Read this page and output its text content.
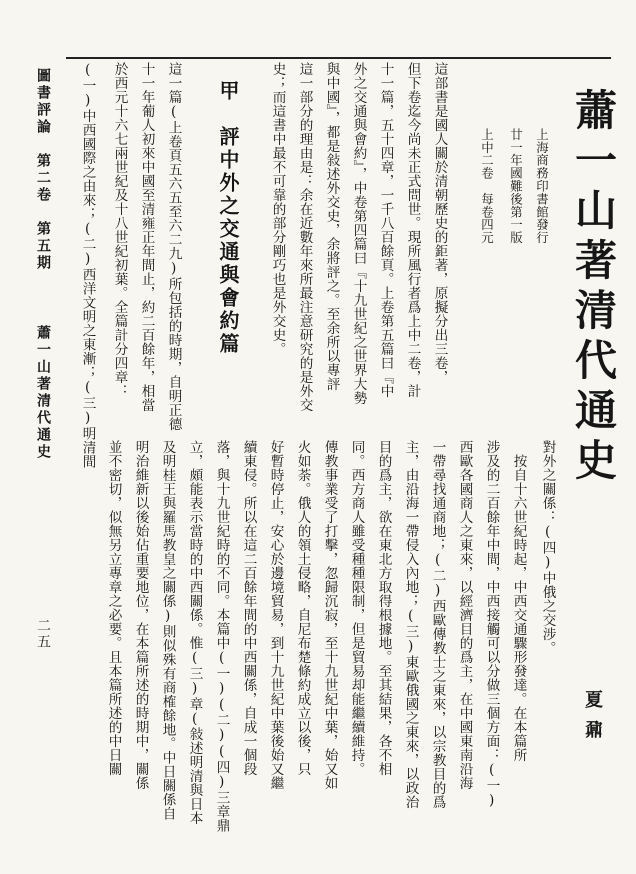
蕭一山著清代通史
上海商務印書館發行
廿一年國難後第一版
上中二卷　每卷四元
對外之關係：(四)中俄之交涉。
按自十六世紀時起，中西交通驟形發達。在本篇所
涉及的二百餘年中間，中西接觸可以分做三個方面：(一)	夏鼐
西歐各國商人之東來，以經濟目的爲主，在中國東南沿海
一帶尋找通商地；(二)西歐傳教士之東來，以宗教目的爲
主，由沿海一帶侵入內地；(三)東歐俄國之東來，以政治
目的爲主，欲在東北方取得根據地。至其結果，各不相
同。西方商人雖受種種限制，但是貿易却能繼續維持。
傳教事業受了打擊，忽歸沉寂，至十九世紀中葉，始又如
火如荼。俄人的領土侵略，自尼布楚條約成立以後，只
好暫時停止，安心於邊境貿易，到十九世紀中葉後始又繼
續東侵。所以在這二百餘年間的中西關係，自成一個段
落，與十九世紀時的不同。本篇中(一)(二)(四)三章鼎
立，頗能表示當時的中西關係。惟(三)章(敍述明清與日本
及明桂王與羅馬教皇之關係)則似殊有商榷餘地。中日關係自
明治維新以後始佔重要地位，在本篇所述的時期中，關係
並不密切，似無另立專章之必要。且本篇所述的中日關
這部書是國人關於清朝歷史的鉅著，原擬分出三卷，
但下卷迄今尚未正式問世。現所風行者爲上中二卷，計
十一篇，五十四章，一千八百餘頁。上卷第五篇曰『中
外之交通與會約』，中卷第四篇曰『十九世紀之世界大勢
與中國』，都是敍述外交史，余將評之。至余所以專評
這一部分的理由是：余在近數年來所最注意研究的是外交
史；而這書中最不可靠的部分剛巧也是外交史。
甲　評中外之交通與會約篇
這一篇(上卷頁五六五至六二九)所包括的時期，自明正德
十一年葡人初來中國至清雍正年間止，約二百餘年，相當
於西元十六七兩世紀及十八世紀初葉。全篇計分四章：
(一)中西國際之由來；(二)西洋文明之東漸；(三)明清間
圖書評論　第二卷　第五期
蕭一山著清代通史
二五
